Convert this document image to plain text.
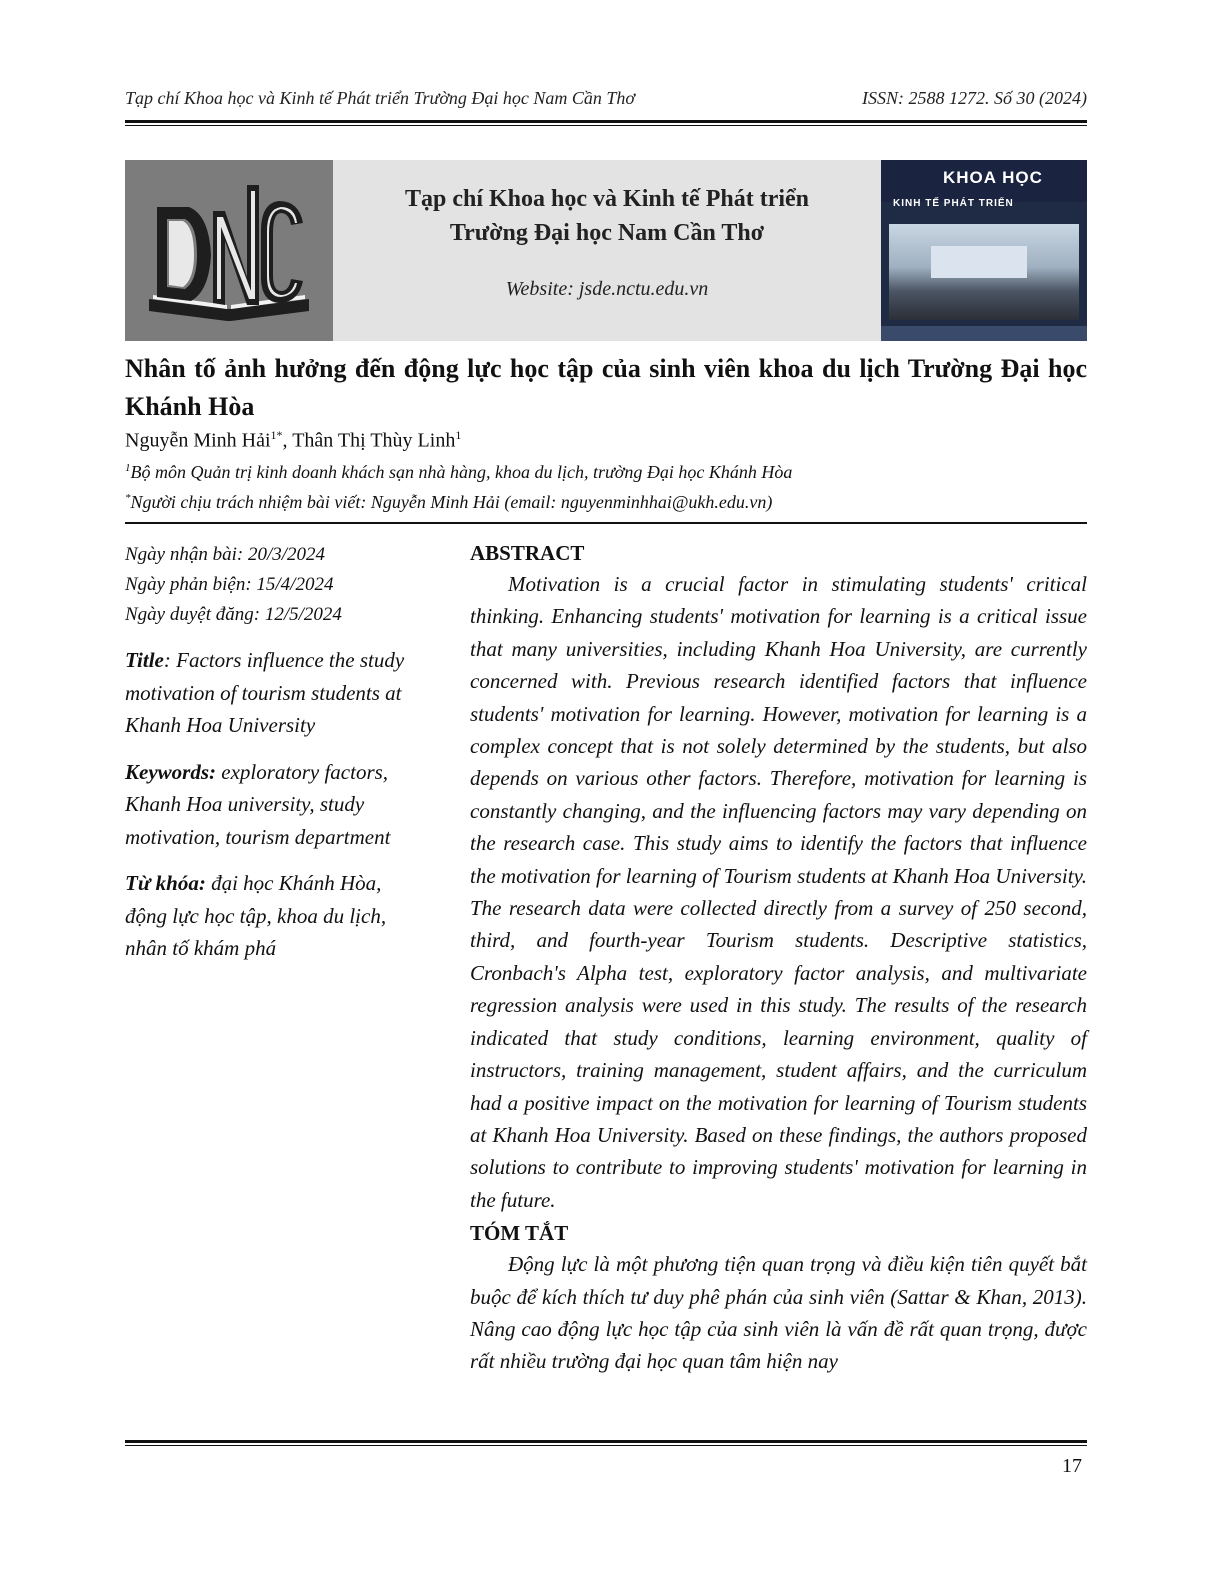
Tạp chí Khoa học và Kinh tế Phát triển Trường Đại học Nam Cần Thơ	ISSN: 2588 1272. Số 30 (2024)
Tạp chí Khoa học và Kinh tế Phát triển
Trường Đại học Nam Cần Thơ
Website: jsde.nctu.edu.vn
KHOA HỌC
KINH TẾ PHÁT TRIỂN
Nhân tố ảnh hưởng đến động lực học tập của sinh viên khoa du lịch Trường Đại học Khánh Hòa
Nguyễn Minh Hải$^{1*}$, Thân Thị Thùy Linh$^1$
$^1$Bộ môn Quản trị kinh doanh khách sạn nhà hàng, khoa du lịch, trường Đại học Khánh Hòa
*Người chịu trách nhiệm bài viết: Nguyễn Minh Hải (email: nguyenminhhai@ukh.edu.vn)
Ngày nhận bài: 20/3/2024
Ngày phản biện: 15/4/2024
Ngày duyệt đăng: 12/5/2024
Title: Factors influence the study motivation of tourism students at Khanh Hoa University
Keywords: exploratory factors, Khanh Hoa university, study motivation, tourism department
Từ khóa: đại học Khánh Hòa, động lực học tập, khoa du lịch, nhân tố khám phá
ABSTRACT

Motivation is a crucial factor in stimulating students' critical thinking. Enhancing students' motivation for learning is a critical issue that many universities, including Khanh Hoa University, are currently concerned with. Previous research identified factors that influence students' motivation for learning. However, motivation for learning is a complex concept that is not solely determined by the students, but also depends on various other factors. Therefore, motivation for learning is constantly changing, and the influencing factors may vary depending on the research case. This study aims to identify the factors that influence the motivation for learning of Tourism students at Khanh Hoa University. The research data were collected directly from a survey of 250 second, third, and fourth-year Tourism students. Descriptive statistics, Cronbach's Alpha test, exploratory factor analysis, and multivariate regression analysis were used in this study. The results of the research indicated that study conditions, learning environment, quality of instructors, training management, student affairs, and the curriculum had a positive impact on the motivation for learning of Tourism students at Khanh Hoa University. Based on these findings, the authors proposed solutions to contribute to improving students' motivation for learning in the future.

TÓM TẮT

Động lực là một phương tiện quan trọng và điều kiện tiên quyết bắt buộc để kích thích tư duy phê phán của sinh viên (Sattar & Khan, 2013). Nâng cao động lực học tập của sinh viên là vấn đề rất quan trọng, được rất nhiều trường đại học quan tâm hiện nay

17
